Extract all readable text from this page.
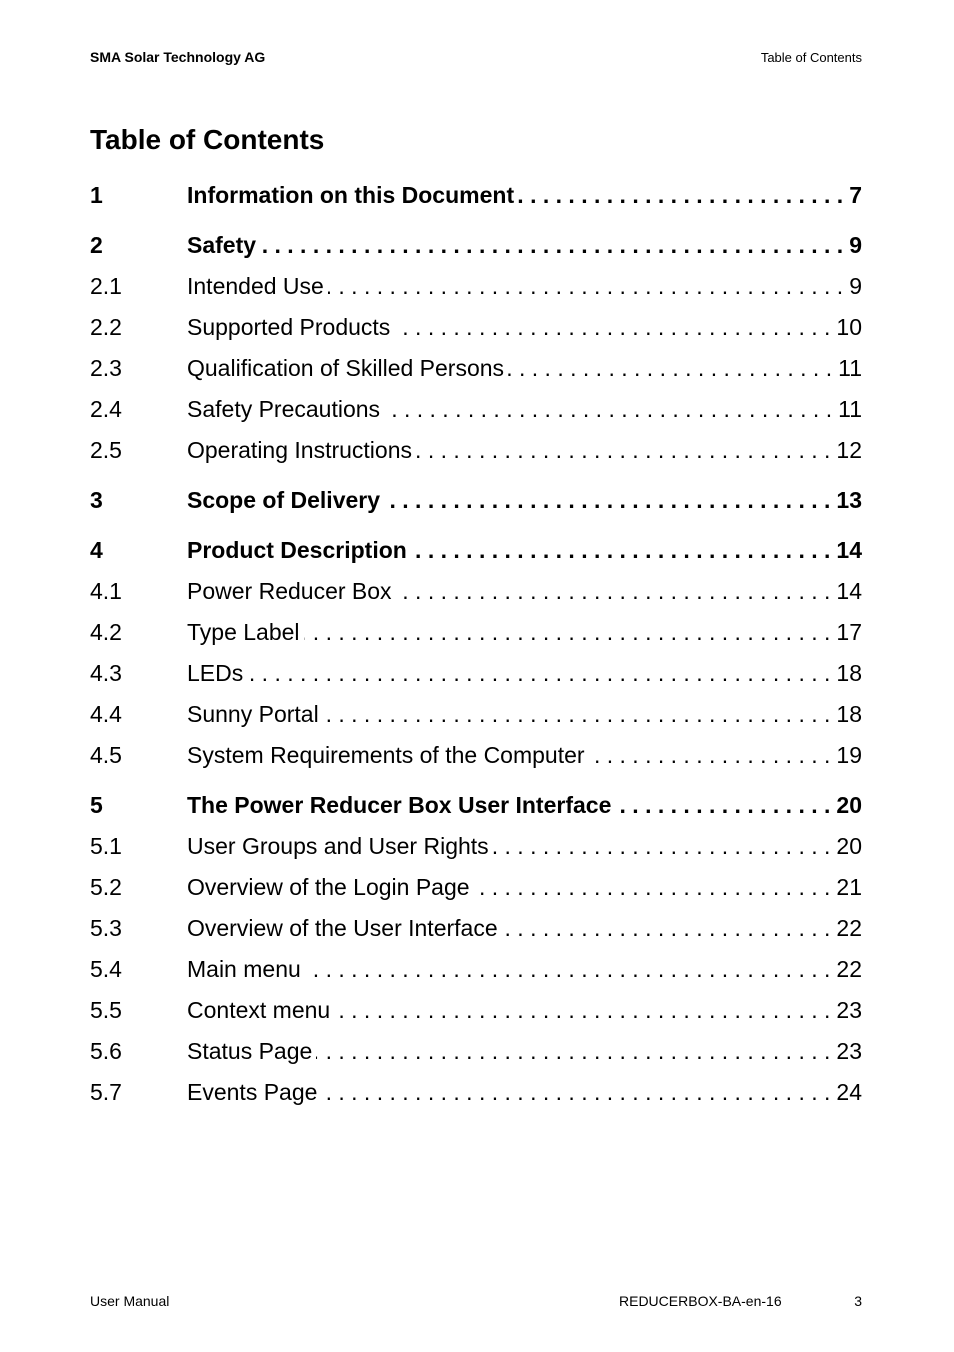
SMA Solar Technology AG	Table of Contents
Table of Contents
1	Information on this Document . . .	7
2	Safety . . .	9
2.1	Intended Use . . .	9
2.2	Supported Products . . .	10
2.3	Qualification of Skilled Persons . . .	11
2.4	Safety Precautions . . .	11
2.5	Operating Instructions . . .	12
3	Scope of Delivery . . .	13
4	Product Description . . .	14
4.1	Power Reducer Box . . .	14
4.2	Type Label . . .	17
4.3	LEDs . . .	18
4.4	Sunny Portal . . .	18
4.5	System Requirements of the Computer . . .	19
5	The Power Reducer Box User Interface . . .	20
5.1	User Groups and User Rights . . .	20
5.2	Overview of the Login Page . . .	21
5.3	Overview of the User Interface . . .	22
5.4	Main menu . . .	22
5.5	Context menu . . .	23
5.6	Status Page . . .	23
5.7	Events Page . . .	24
User Manual	REDUCERBOX-BA-en-16	3
